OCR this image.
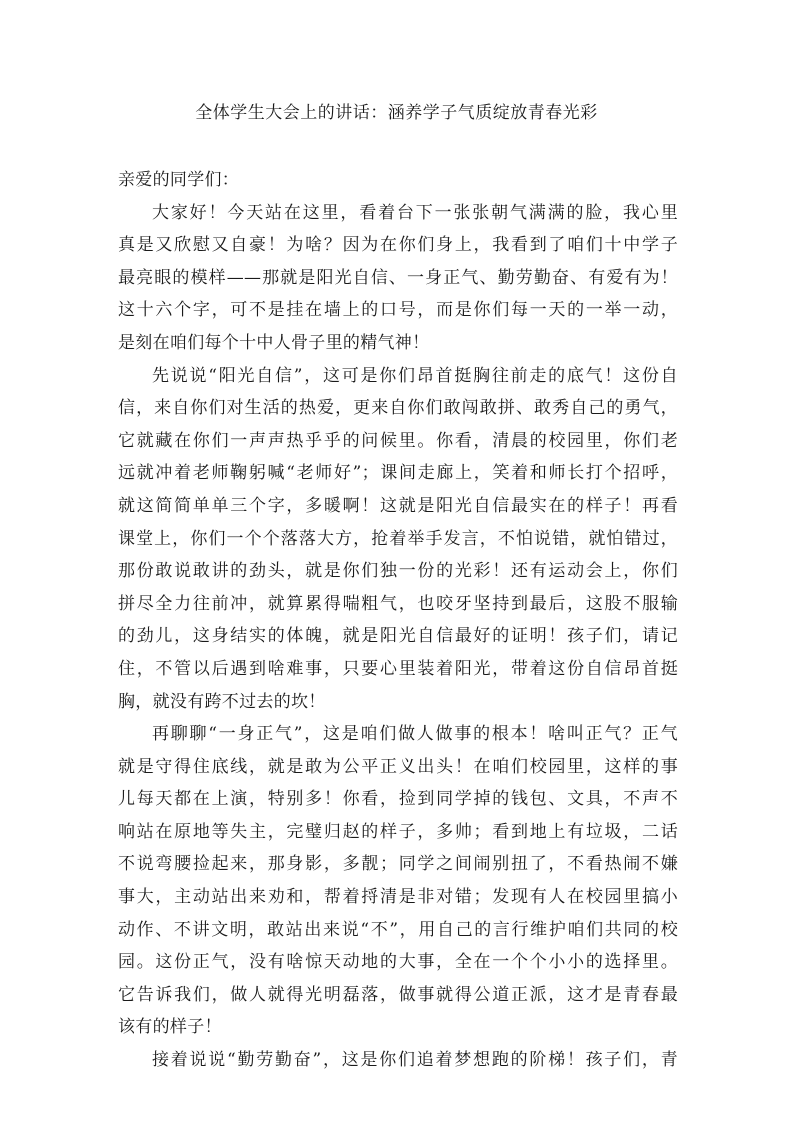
全体学生大会上的讲话：涵养学子气质绽放青春光彩
亲爱的同学们：
大家好！今天站在这里，看着台下一张张朝气满满的脸，我心里
真是又欣慰又自豪！为啥？因为在你们身上，我看到了咱们十中学子
最亮眼的模样——那就是阳光自信、一身正气、勤劳勤奋、有爱有为！
这十六个字，可不是挂在墙上的口号，而是你们每一天的一举一动，
是刻在咱们每个十中人骨子里的精气神！
先说说“阳光自信”，这可是你们昂首挺胸往前走的底气！这份自
信，来自你们对生活的热爱，更来自你们敢闯敢拼、敢秀自己的勇气，
它就藏在你们一声声热乎乎的问候里。你看，清晨的校园里，你们老
远就冲着老师鞠躬喊“老师好”；课间走廊上，笑着和师长打个招呼，
就这简简单单三个字，多暖啊！这就是阳光自信最实在的样子！再看
课堂上，你们一个个落落大方，抢着举手发言，不怕说错，就怕错过，
那份敢说敢讲的劲头，就是你们独一份的光彩！还有运动会上，你们
拼尽全力往前冲，就算累得喘粗气，也咬牙坚持到最后，这股不服输
的劲儿，这身结实的体魄，就是阳光自信最好的证明！孩子们，请记
住，不管以后遇到啥难事，只要心里装着阳光，带着这份自信昂首挺
胸，就没有跨不过去的坎！
再聊聊“一身正气”，这是咱们做人做事的根本！啥叫正气？正气
就是守得住底线，就是敢为公平正义出头！在咱们校园里，这样的事
儿每天都在上演，特别多！你看，捡到同学掉的钱包、文具，不声不
响站在原地等失主，完璧归赵的样子，多帅；看到地上有垃圾，二话
不说弯腰捡起来，那身影，多靓；同学之间闹别扭了，不看热闹不嫌
事大，主动站出来劝和，帮着捋清是非对错；发现有人在校园里搞小
动作、不讲文明，敢站出来说“不”，用自己的言行维护咱们共同的校
园。这份正气，没有啥惊天动地的大事，全在一个个小小的选择里。
它告诉我们，做人就得光明磊落，做事就得公道正派，这才是青春最
该有的样子！
接着说说“勤劳勤奋”，这是你们追着梦想跑的阶梯！孩子们，青
